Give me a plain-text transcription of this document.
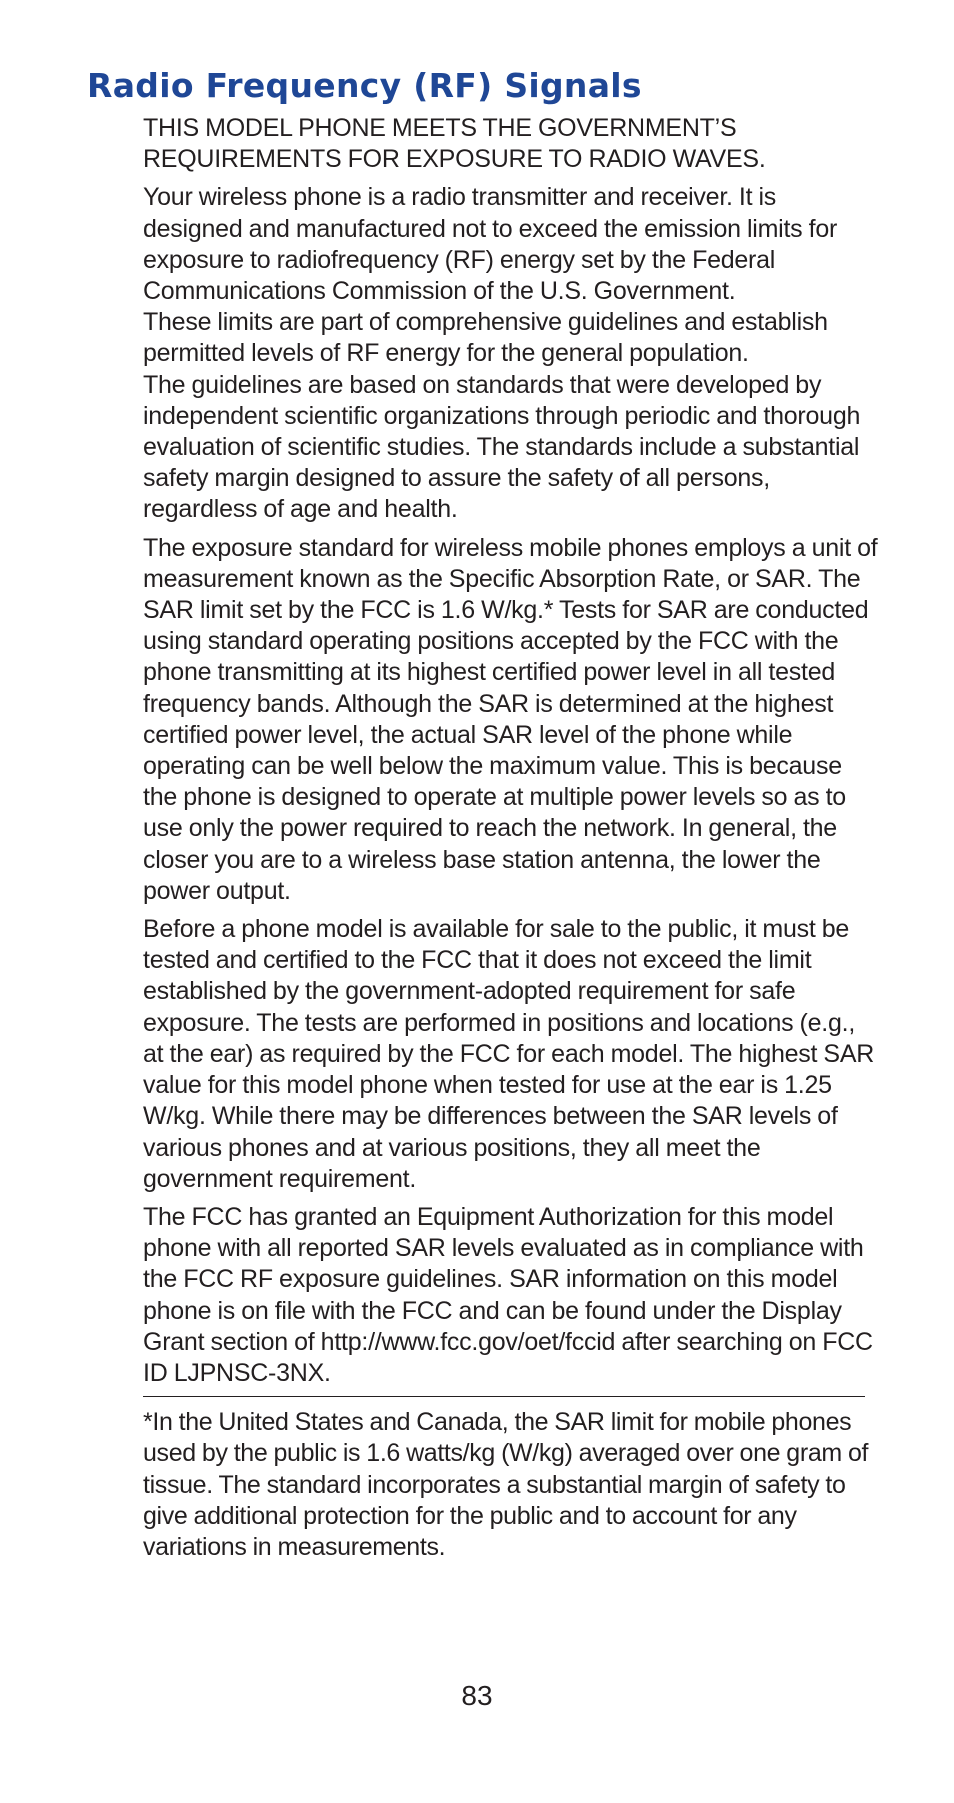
Radio Frequency (RF) Signals

THIS MODEL PHONE MEETS THE GOVERNMENT’S REQUIREMENTS FOR EXPOSURE TO RADIO WAVES.

Your wireless phone is a radio transmitter and receiver. It is designed and manufactured not to exceed the emission limits for exposure to radiofrequency (RF) energy set by the Federal Communications Commission of the U.S. Government.

These limits are part of comprehensive guidelines and establish permitted levels of RF energy for the general population.

The guidelines are based on standards that were developed by independent scientific organizations through periodic and thorough evaluation of scientific studies. The standards include a substantial safety margin designed to assure the safety of all persons, regardless of age and health.

The exposure standard for wireless mobile phones employs a unit of measurement known as the Specific Absorption Rate, or SAR. The SAR limit set by the FCC is 1.6 W/kg.* Tests for SAR are conducted using standard operating positions accepted by the FCC with the phone transmitting at its highest certified power level in all tested frequency bands. Although the SAR is determined at the highest certified power level, the actual SAR level of the phone while operating can be well below the maximum value. This is because the phone is designed to operate at multiple power levels so as to use only the power required to reach the network. In general, the closer you are to a wireless base station antenna, the lower the power output.

Before a phone model is available for sale to the public, it must be tested and certified to the FCC that it does not exceed the limit established by the government-adopted requirement for safe exposure. The tests are performed in positions and locations (e.g., at the ear) as required by the FCC for each model. The highest SAR value for this model phone when tested for use at the ear is 1.25 W/kg. While there may be differences between the SAR levels of various phones and at various positions, they all meet the government requirement.

The FCC has granted an Equipment Authorization for this model phone with all reported SAR levels evaluated as in compliance with the FCC RF exposure guidelines. SAR information on this model phone is on file with the FCC and can be found under the Display Grant section of http://www.fcc.gov/oet/fccid after searching on FCC ID LJPNSC-3NX.

*In the United States and Canada, the SAR limit for mobile phones used by the public is 1.6 watts/kg (W/kg) averaged over one gram of tissue. The standard incorporates a substantial margin of safety to give additional protection for the public and to account for any variations in measurements.

83
